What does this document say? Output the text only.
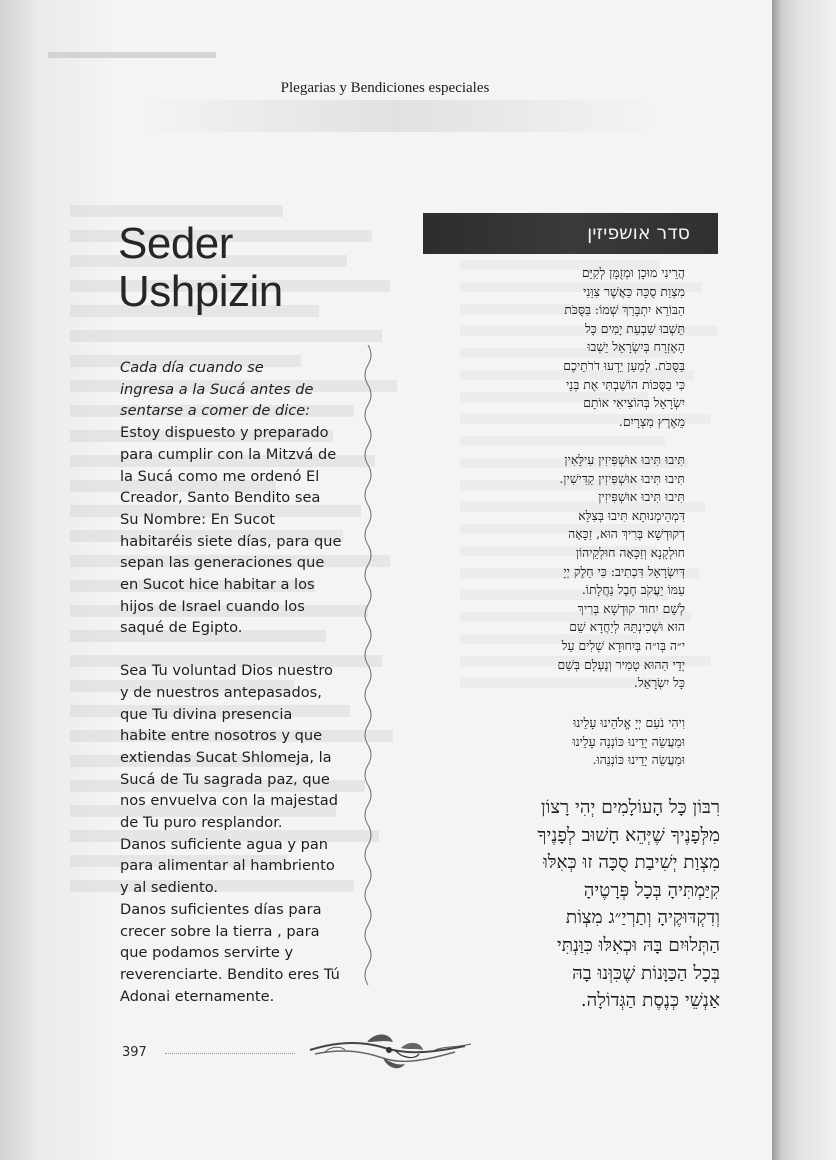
Plegarias y Bendiciones especiales
Seder
Ushpizin

Cada día cuando se
ingresa a la Sucá antes de
sentarse a comer de dice:

Estoy dispuesto y preparado
para cumplir con la Mitzvá de
la Sucá como me ordenó El
Creador, Santo Bendito sea
Su Nombre: En Sucot
habitaréis siete días, para que
sepan las generaciones que
en Sucot hice habitar a los
hijos de Israel cuando los
saqué de Egipto.

Sea Tu voluntad Dios nuestro
y de nuestros antepasados,
que Tu divina presencia
habite entre nosotros y que
extiendas Sucat Shlomeja, la
Sucá de Tu sagrada paz, que
nos envuelva con la majestad
de Tu puro resplandor.
Danos suficiente agua y pan
para alimentar al hambriento
y al sediento.
Danos suficientes días para
crecer sobre la tierra , para
que podamos servirte y
reverenciarte. Bendito eres Tú
Adonai eternamente.

סדר אושפיזין
הֲרֵינִי מוּכָן וּמְזֻמָּן לְקַיֵּם
מִצְוַת סֻכָּה כַּאֲשֶׁר צִוַּנִי
הַבּוֹרֵא יִתְבָּרַךְ שְׁמוֹ: בַּסֻּכֹּת
תֵּשְׁבוּ שִׁבְעַת יָמִים כָּל
הָאֶזְרָח בְּיִשְׂרָאֵל יֵשְׁבוּ
בַּסֻּכֹּת. לְמַעַן יֵדְעוּ דֹרֹתֵיכֶם
כִּי בַסֻּכּוֹת הוֹשַׁבְתִּי אֶת בְּנֵי
יִשְׂרָאֵל בְּהוֹצִיאִי אוֹתָם
מֵאֶרֶץ מִצְרָיִם.
תִּיבוּ תִּיבוּ אוּשְׁפִּיזִין עִילָּאִין
תִּיבוּ תִּיבוּ אוּשְׁפִּיזִין קַדִּישִׁין.
תִּיבוּ תִּיבוּ אוּשְׁפִּיזִין
דִּמְהֵימְנוּתָא תִּיבוּ בְּצִלָּא
דְקוּדְשָׁא בְּרִיךְ הוּא, זַכָּאָה
חוּלְקָנָא וְזַכָּאָה חוּלְקֵיהוֹן
דְּיִשְׂרָאֵל דִּכְתִיב: כִּי חֵלֶק יְיָ
עַמּוֹ יַעֲקֹב חֶבֶל נַחֲלָתוֹ.
לְשֵׁם יִחוּד קוּדְשָׁא בְּרִיךְ
הוּא וּשְׁכִינְתֵּהּ לְיַחֲדָא שֵׁם
י״ה בְּו״ה בְּיִחוּדָא שְׁלִים עַל
יְדֵי הַהוּא טָמִיר וְנֶעְלָם בְּשֵׁם
כָּל יִשְׂרָאֵל.
וִיהִי נֹעַם יְיָ אֱלֹהֵינוּ עָלֵינוּ
וּמַעֲשֵׂה יָדֵינוּ כּוֹנְנָה עָלֵינוּ
וּמַעֲשֵׂה יָדֵינוּ כּוֹנְנֵהוּ.
רִבּוֹן כָּל הָעוֹלָמִים יְהִי רָצוֹן
מִלְּפָנֶיךָ שֶׁיְּהֵא חָשׁוּב לְפָנֶיךָ
מִצְוַת יְשִׁיבַת סֻכָּה זוּ כְּאִלּוּ
קִיַּמְתִּיהָ בְּכָל פְּרָטֶיהָ
וְדִקְדּוּקֶיהָ וְתַרְיַ״ג מִצְוֹת
הַתְּלוּיִם בָּהּ וּכְאִלּוּ כִּוַּנְתִּי
בְּכָל הַכַּוָּנוֹת שֶׁכִּוְּנוּ בָהּ
אַנְשֵׁי כְּנֶסֶת הַגְּדוֹלָה.
397
